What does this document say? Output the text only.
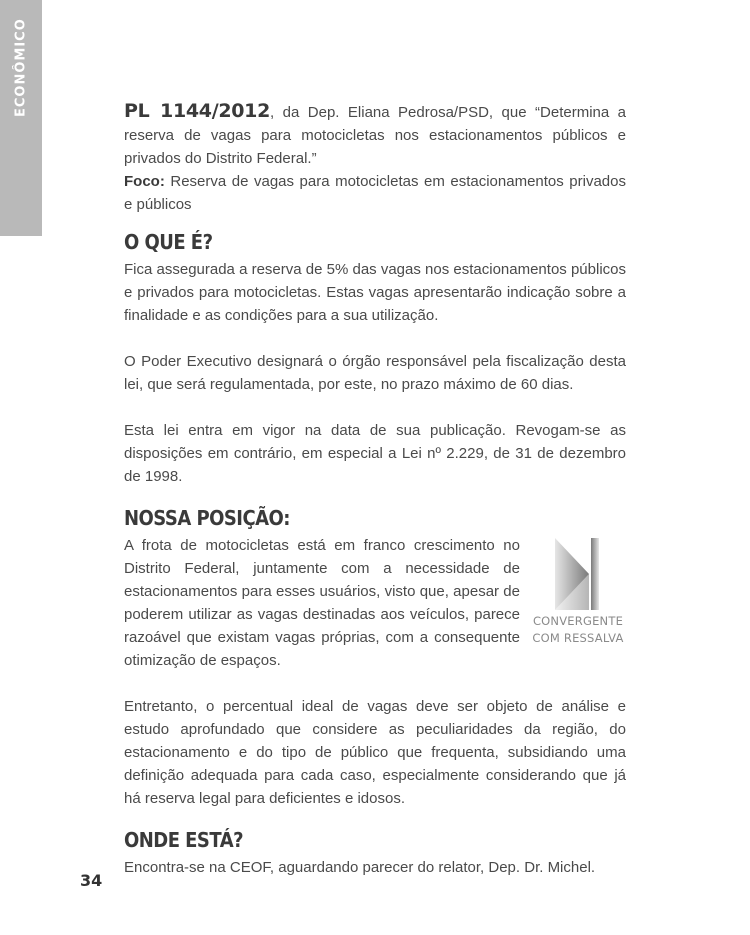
ECONÔMICO	PL 1144/2012, da Dep. Eliana Pedrosa/PSD, que “Determina a reserva de vagas para motocicletas nos estacionamentos públicos e privados do Distrito Federal.”

Foco: Reserva de vagas para motocicletas em estacionamentos privados e públicos

O QUE É?

Fica assegurada a reserva de 5% das vagas nos estacionamentos públicos e privados para motocicletas. Estas vagas apresentarão indicação sobre a finalidade e as condições para a sua utilização.

O Poder Executivo designará o órgão responsável pela fiscalização desta lei, que será regulamentada, por este, no prazo máximo de 60 dias.

Esta lei entra em vigor na data de sua publicação. Revogam-se as disposições em contrário, em especial a Lei nº 2.229, de 31 de dezembro de 1998.

NOSSA POSIÇÃO:

A frota de motocicletas está em franco crescimento no Distrito Federal, juntamente com a necessidade de estacionamentos para esses usuários, visto que, apesar de poderem utilizar as vagas destinadas aos veículos, parece razoável que existam vagas próprias, com a consequente otimização de espaços.

CONVERGENTE
COM RESSALVA

Entretanto, o percentual ideal de vagas deve ser objeto de análise e estudo aprofundado que considere as peculiaridades da região, do estacionamento e do tipo de público que frequenta, subsidiando uma definição adequada para cada caso, especialmente considerando que já há reserva legal para deficientes e idosos.

ONDE ESTÁ?

Encontra-se na CEOF, aguardando parecer do relator, Dep. Dr. Michel.

34
